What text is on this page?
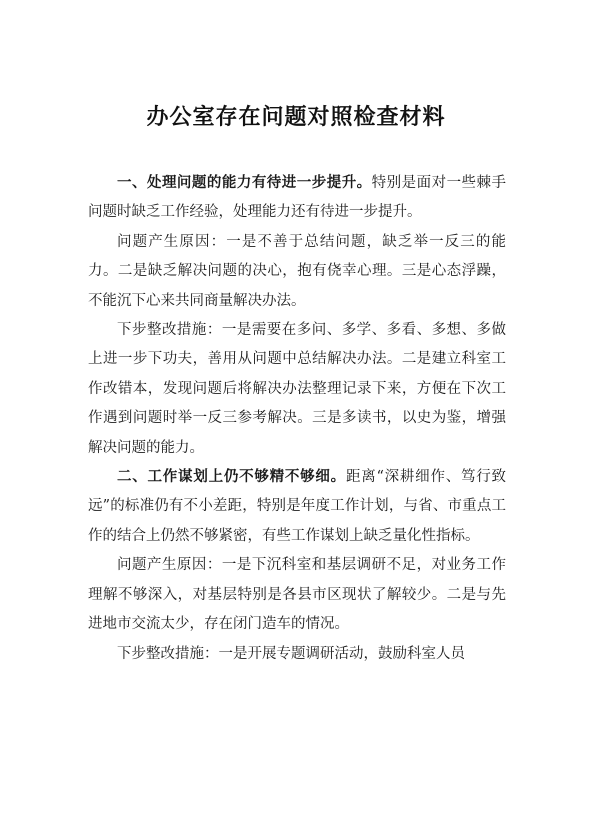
办公室存在问题对照检查材料

一、处理问题的能力有待进一步提升。特别是面对一些棘手问题时缺乏工作经验，处理能力还有待进一步提升。

问题产生原因：一是不善于总结问题，缺乏举一反三的能力。二是缺乏解决问题的决心，抱有侥幸心理。三是心态浮躁，不能沉下心来共同商量解决办法。

下步整改措施：一是需要在多问、多学、多看、多想、多做上进一步下功夫，善用从问题中总结解决办法。二是建立科室工作改错本，发现问题后将解决办法整理记录下来，方便在下次工作遇到问题时举一反三参考解决。三是多读书，以史为鉴，增强解决问题的能力。

二、工作谋划上仍不够精不够细。距离“深耕细作、笃行致远”的标准仍有不小差距，特别是年度工作计划，与省、市重点工作的结合上仍然不够紧密，有些工作谋划上缺乏量化性指标。

问题产生原因：一是下沉科室和基层调研不足，对业务工作理解不够深入，对基层特别是各县市区现状了解较少。二是与先进地市交流太少，存在闭门造车的情况。

下步整改措施：一是开展专题调研活动，鼓励科室人员
